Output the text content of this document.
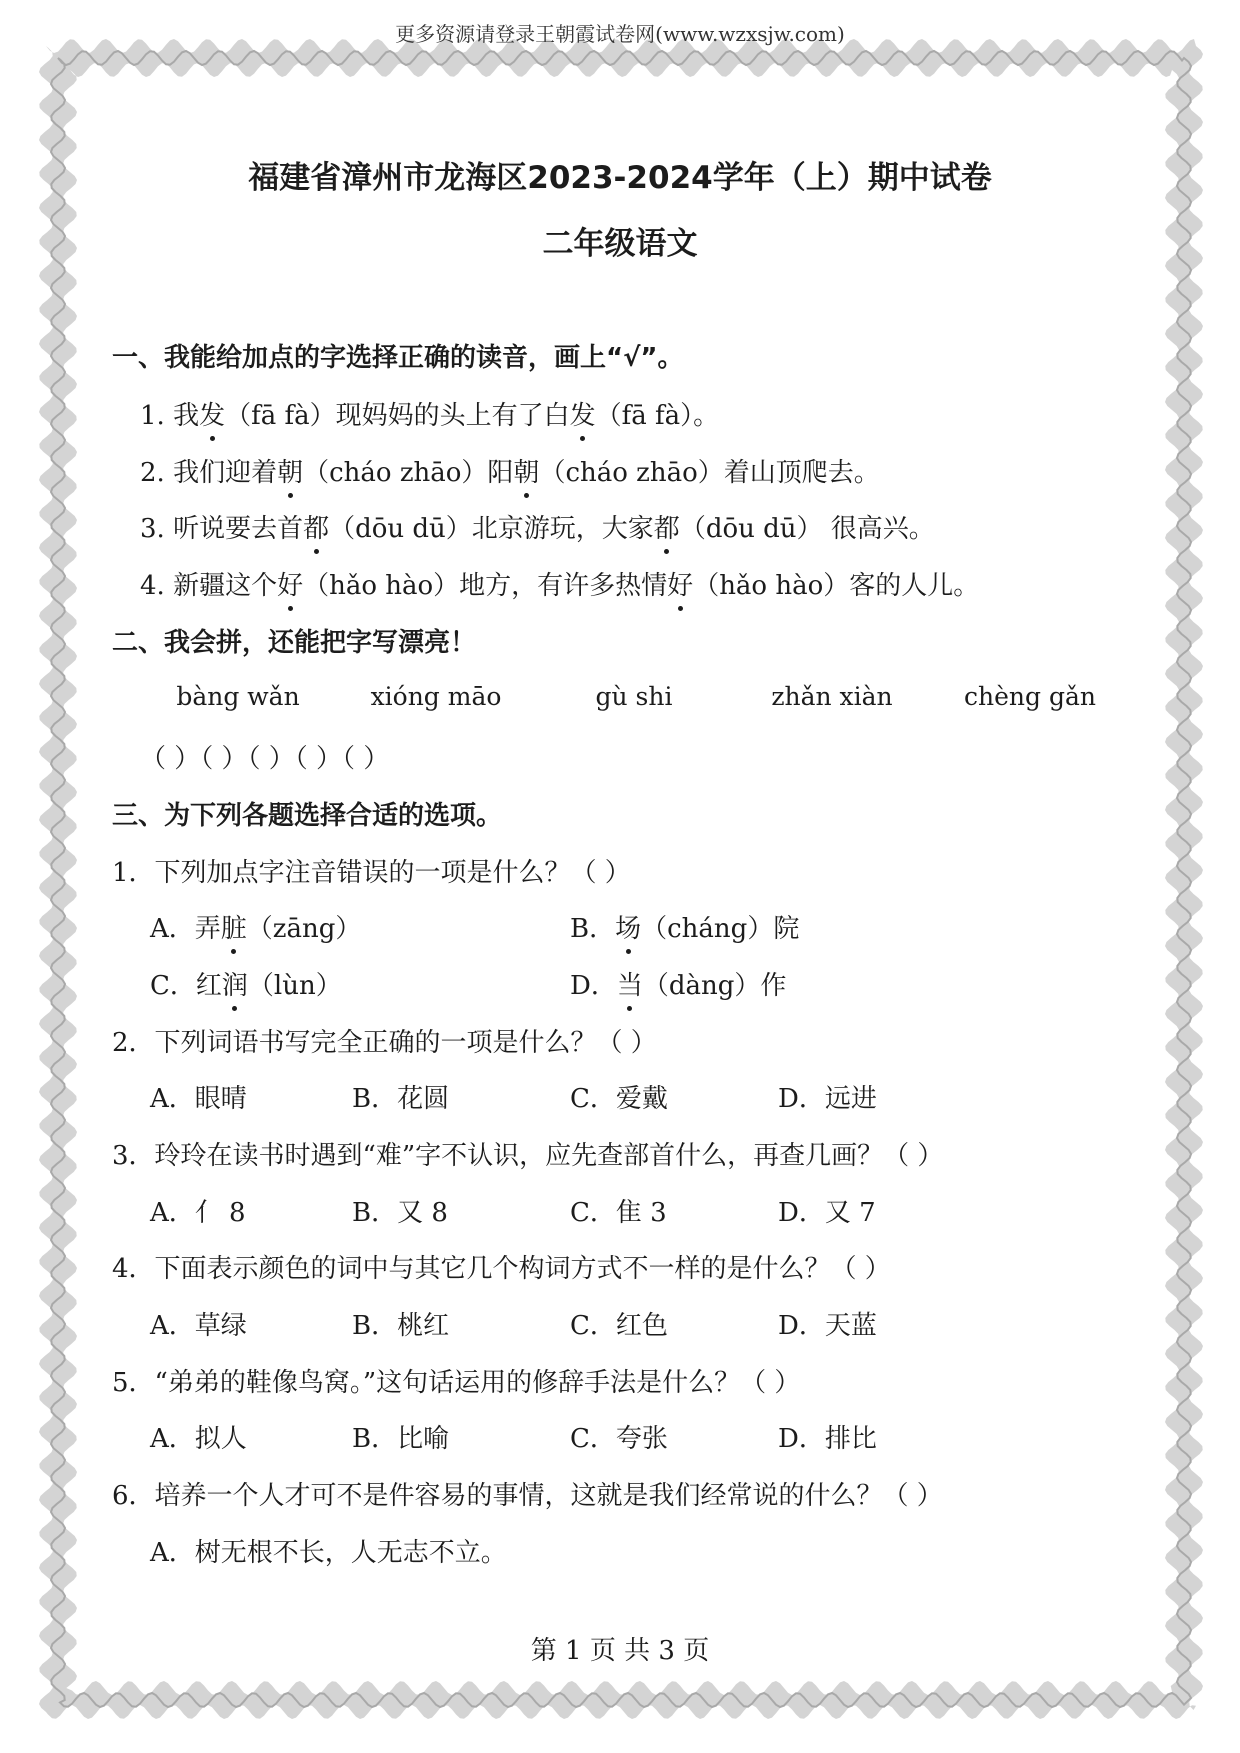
更多资源请登录王朝霞试卷网(www.wzxsjw.com)
福建省漳州市龙海区2023-2024学年（上）期中试卷
二年级语文
一、我能给加点的字选择正确的读音，画上“√”。
1. 我发（fā fà）现妈妈的头上有了白发（fā fà）。
2. 我们迎着朝（cháo zhāo）阳朝（cháo zhāo）着山顶爬去。
3. 听说要去首都（dōu dū）北京游玩，大家都（dōu dū） 很高兴。
4. 新疆这个好（hǎo hào）地方，有许多热情好（hǎo hào）客的人儿。
二、我会拼，还能把字写漂亮！
bàng wǎn	xióng māo	gù shi	zhǎn xiàn	chèng gǎn
（ ）（ ）（ ）（ ）（ ）
三、为下列各题选择合适的选项。
1．下列加点字注音错误的一项是什么？（ ）
A．弄脏（zāng）	B．场（cháng）院
C．红润（lùn）	D．当（dàng）作
2．下列词语书写完全正确的一项是什么？（ ）
A．眼晴	B．花圆	C．爱戴	D．远进
3．玲玲在读书时遇到“难”字不认识，应先查部首什么，再查几画？（ ）
A．亻 8	B．又 8	C．隹 3	D．又 7
4．下面表示颜色的词中与其它几个构词方式不一样的是什么？（ ）
A．草绿	B．桃红	C．红色	D．天蓝
5．“弟弟的鞋像鸟窝。”这句话运用的修辞手法是什么？（ ）
A．拟人	B．比喻	C．夸张	D．排比
6．培养一个人才可不是件容易的事情，这就是我们经常说的什么？（ ）
A．树无根不长，人无志不立。
第 1 页 共 3 页
